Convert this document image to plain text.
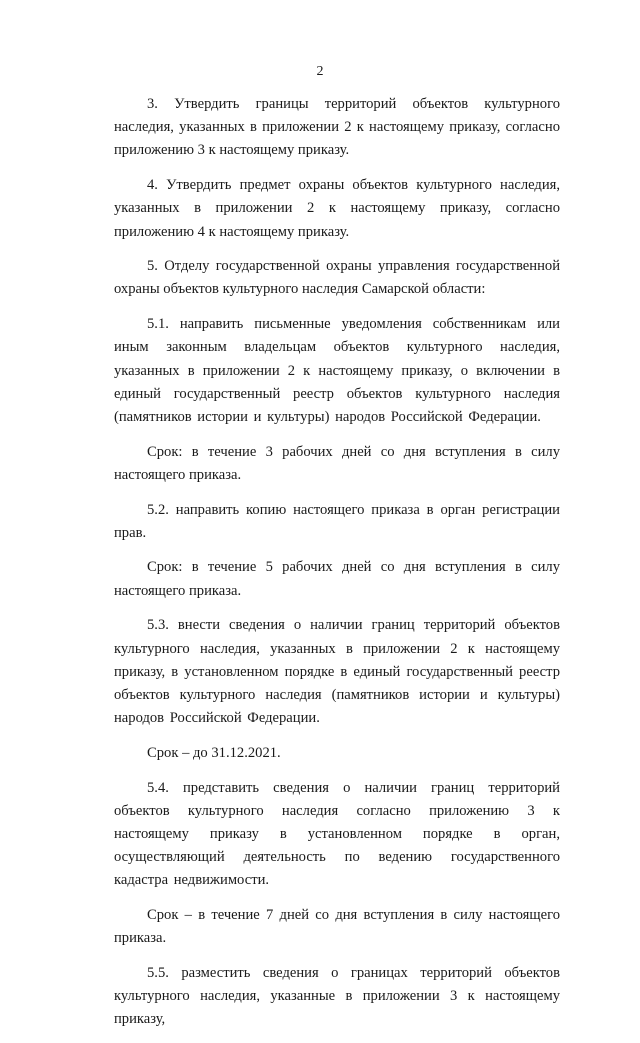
2

3. Утвердить границы территорий объектов культурного наследия, указанных в приложении 2 к настоящему приказу, согласно приложению 3 к настоящему приказу.

4. Утвердить предмет охраны объектов культурного наследия, указанных в приложении 2 к настоящему приказу, согласно приложению 4 к настоящему приказу.

5. Отделу государственной охраны управления государственной охраны объектов культурного наследия Самарской области:

5.1. направить письменные уведомления собственникам или иным законным владельцам объектов культурного наследия, указанных в приложении 2 к настоящему приказу, о включении в единый государственный реестр объектов культурного наследия (памятников истории и культуры) народов Российской Федерации.

Срок: в течение 3 рабочих дней со дня вступления в силу настоящего приказа.

5.2. направить копию настоящего приказа в орган регистрации прав.

Срок: в течение 5 рабочих дней со дня вступления в силу настоящего приказа.

5.3. внести сведения о наличии границ территорий объектов культурного наследия, указанных в приложении 2 к настоящему приказу, в установленном порядке в единый государственный реестр объектов культурного наследия (памятников истории и культуры) народов Российской Федерации.

Срок – до 31.12.2021.

5.4. представить сведения о наличии границ территорий объектов культурного наследия согласно приложению 3 к настоящему приказу в установленном порядке в орган, осуществляющий деятельность по ведению государственного кадастра недвижимости.

Срок – в течение 7 дней со дня вступления в силу настоящего приказа.

5.5. разместить сведения о границах территорий объектов культурного наследия, указанные в приложении 3 к настоящему приказу,
